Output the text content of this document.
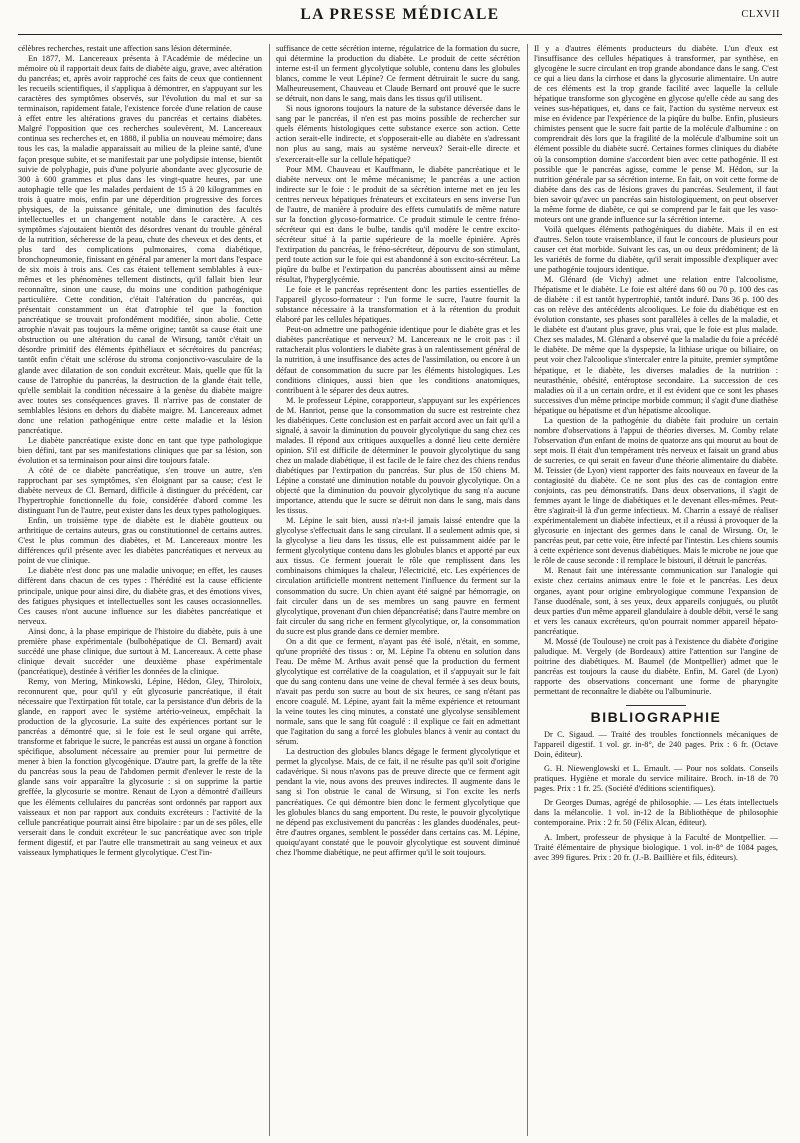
LA PRESSE MÉDICALE	CLXVII

célèbres recherches, restait une affection sans lésion déterminée.

En 1877, M. Lancereaux présenta à l'Académie de médecine un mémoire où il rapportait deux faits de diabète aigu, grave, avec altération du pancréas; et, après avoir rapproché ces faits de ceux que contiennent les recueils scientifiques, il s'appliqua à démontrer, en s'appuyant sur les caractères des symptômes observés, sur l'évolution du mal et sur sa terminaison, rapidement fatale, l'existence forcée d'une relation de cause à effet entre les altérations graves du pancréas et certains diabètes. Malgré l'opposition que ces recherches soulevèrent, M. Lancereaux continua ses recherches et, en 1888, il publia un nouveau mémoire; dans tous les cas, la maladie apparaissait au milieu de la pleine santé, d'une façon presque subite, et se manifestait par une polydipsie intense, bientôt suivie de polyphagie, puis d'une polyurie abondante avec glycosurie de 300 à 600 grammes et plus dans les vingt-quatre heures, par une autophagie telle que les malades perdaient de 15 à 20 kilogrammes en trois à quatre mois, enfin par une déperdition progressive des forces physiques, de la puissance génitale, une diminution des facultés intellectuelles et un changement notable dans le caractère. A ces symptômes s'ajoutaient bientôt des désordres venant du trouble général de la nutrition, sécheresse de la peau, chute des cheveux et des dents, et plus tard des complications pulmonaires, coma diabétique, bronchopneumonie, finissant en général par amener la mort dans l'espace de six mois à trois ans. Ces cas étaient tellement semblables à eux-mêmes et les phénomènes tellement distincts, qu'il fallait bien leur reconnaître, sinon une cause, du moins une condition pathogénique particulière. Cette condition, c'était l'altération du pancréas, qui présentait constamment un état d'atrophie tel que la fonction pancréatique se trouvait profondément modifiée, sinon abolie. Cette atrophie n'avait pas toujours la même origine; tantôt sa cause était une obstruction ou une altération du canal de Wirsung, tantôt c'était un désordre primitif des éléments épithéliaux et sécrétoires du pancréas; tantôt enfin c'était une sclérose du stroma conjonctivo-vasculaire de la glande avec dilatation de son conduit excréteur. Mais, quelle que fût la cause de l'atrophie du pancréas, la destruction de la glande était telle, qu'elle semblait la condition nécessaire à la genèse du diabète maigre avec toutes ses conséquences graves. Il n'arrive pas de constater de semblables lésions en dehors du diabète maigre. M. Lancereaux admet donc une relation pathogénique entre cette maladie et la lésion pancréatique.

Le diabète pancréatique existe donc en tant que type pathologique bien défini, tant par ses manifestations cliniques que par sa lésion, son évolution et sa terminaison pour ainsi dire toujours fatale.

A côté de ce diabète pancréatique, s'en trouve un autre, s'en rapprochant par ses symptômes, s'en éloignant par sa cause; c'est le diabète nerveux de Cl. Bernard, difficile à distinguer du précédent, car l'hypertrophie fonctionnelle du foie, considérée d'abord comme les distinguant l'un de l'autre, peut exister dans les deux types pathologiques.

Enfin, un troisième type de diabète est le diabète goutteux ou arthritique de certains auteurs, gras ou constitutionnel de certains autres. C'est le plus commun des diabètes, et M. Lancereaux montre les différences qu'il présente avec les diabètes pancréatiques et nerveux au point de vue clinique.

Le diabète n'est donc pas une maladie univoque; en effet, les causes diffèrent dans chacun de ces types : l'hérédité est la cause efficiente principale, unique pour ainsi dire, du diabète gras, et des émotions vives, des fatigues physiques et intellectuelles sont les causes occasionnelles. Ces causes n'ont aucune influence sur les diabètes pancréatique et nerveux.

Ainsi donc, à la phase empirique de l'histoire du diabète, puis à une première phase expérimentale (bulbohépatique de Cl. Bernard) avait succédé une phase clinique, due surtout à M. Lancereaux. A cette phase clinique devait succéder une deuxième phase expérimentale (pancréatique), destinée à vérifier les données de la clinique.

Remy, von Mering, Minkowski, Lépine, Hédon, Gley, Thiroloix, reconnurent que, pour qu'il y eût glycosurie pancréatique, il était nécessaire que l'extirpation fût totale, car la persistance d'un débris de la glande, en rapport avec le système artério-veineux, empêchait la production de la glycosurie. La suite des expériences portant sur le pancréas a démontré que, si le foie est le seul organe qui arrête, transforme et fabrique le sucre, le pancréas est aussi un organe à fonction spécifique, absolument nécessaire au premier pour lui permettre de mener à bien la fonction glycogénique. D'autre part, la greffe de la tête du pancréas sous la peau de l'abdomen permit d'enlever le reste de la glande sans voir apparaître la glycosurie : si on supprime la partie greffée, la glycosurie se montre. Renaut de Lyon a démontré d'ailleurs que les éléments cellulaires du pancréas sont ordonnés par rapport aux vaisseaux et non par rapport aux conduits excréteurs : l'activité de la cellule pancréatique pourrait ainsi être bipolaire : par un de ses pôles, elle verserait dans le conduit excréteur le suc pancréatique avec son triple ferment digestif, et par l'autre elle transmettrait au sang veineux et aux vaisseaux lymphatiques le ferment glycolytique. C'est l'in-

suffisance de cette sécrétion interne, régulatrice de la formation du sucre, qui détermine la production du diabète. Le produit de cette sécrétion interne est-il un ferment glycolytique soluble, contenu dans les globules blancs, comme le veut Lépine? Ce ferment détruirait le sucre du sang. Malheureusement, Chauveau et Claude Bernard ont prouvé que le sucre se détruit, non dans le sang, mais dans les tissus qu'il utilisent.

Si nous ignorons toujours la nature de la substance déversée dans le sang par le pancréas, il n'en est pas moins possible de rechercher sur quels éléments histologiques cette substance exerce son action. Cette action serait-elle indirecte, et s'opposerait-elle au diabète en s'adressant non plus au sang, mais au système nerveux? Serait-elle directe et s'exercerait-elle sur la cellule hépatique?

Pour MM. Chauveau et Kauffmann, le diabète pancréatique et le diabète nerveux ont le même mécanisme; le pancréas a une action indirecte sur le foie : le produit de sa sécrétion interne met en jeu les centres nerveux hépatiques frénateurs et excitateurs en sens inverse l'un de l'autre, de manière à produire des effets cumulatifs de même nature sur la fonction glycoso-formatrice. Ce produit stimule le centre fréno-sécréteur qui est dans le bulbe, tandis qu'il modère le centre excito-sécréteur situé à la partie supérieure de la moelle épinière. Après l'extirpation du pancréas, le fréno-sécréteur, dépourvu de son stimulant, perd toute action sur le foie qui est abandonné à son excito-sécréteur. La piqûre du bulbe et l'extirpation du pancréas aboutissent ainsi au même résultat, l'hyperglycémie.

Le foie et le pancréas représentent donc les parties essentielles de l'appareil glycoso-formateur : l'un forme le sucre, l'autre fournit la substance nécessaire à la transformation et à la rétention du produit élaboré par les cellules hépatiques.

Peut-on admettre une pathogénie identique pour le diabète gras et les diabètes pancréatique et nerveux? M. Lancereaux ne le croit pas : il rattacherait plus volontiers le diabète gras à un ralentissement général de la nutrition, à une insuffisance des actes de l'assimilation, ou encore à un défaut de consommation du sucre par les éléments histologiques. Les conditions cliniques, aussi bien que les conditions anatomiques, contribuent à le séparer des deux autres.

M. le professeur Lépine, corapporteur, s'appuyant sur les expériences de M. Hanriot, pense que la consommation du sucre est restreinte chez les diabétiques. Cette conclusion est en parfait accord avec un fait qu'il a signalé, à savoir la diminution du pouvoir glycolytique du sang chez ces malades. Il répond aux critiques auxquelles a donné lieu cette dernière opinion. S'il est difficile de déterminer le pouvoir glycolytique du sang chez un malade diabétique, il est facile de le faire chez des chiens rendus diabétiques par l'extirpation du pancréas. Sur plus de 150 chiens M. Lépine a constaté une diminution notable du pouvoir glycolytique. On a objecté que la diminution du pouvoir glycolytique du sang n'a aucune importance, attendu que le sucre se détruit non dans le sang, mais dans les tissus.

M. Lépine le sait bien, aussi n'a-t-il jamais laissé entendre que la glycolyse s'effectuait dans le sang circulant. Il a seulement admis que, si la glycolyse a lieu dans les tissus, elle est puissamment aidée par le ferment glycolytique contenu dans les globules blancs et apporté par eux aux tissus. Ce ferment jouerait le rôle que remplissent dans les combinaisons chimiques la chaleur, l'électricité, etc. Les expériences de circulation artificielle montrent nettement l'influence du ferment sur la consommation du sucre. Un chien ayant été saigné par hémorragie, on fait circuler dans un de ses membres un sang pauvre en ferment glycolytique, provenant d'un chien dépancréatisé; dans l'autre membre on fait circuler du sang riche en ferment glycolytique, or, la consommation du sucre est plus grande dans ce dernier membre.

On a dit que ce ferment, n'ayant pas été isolé, n'était, en somme, qu'une propriété des tissus : or, M. Lépine l'a obtenu en solution dans l'eau. De même M. Arthus avait pensé que la production du ferment glycolytique est corrélative de la coagulation, et il s'appuyait sur le fait que du sang contenu dans une veine de cheval fermée à ses deux bouts, n'avait pas perdu son sucre au bout de six heures, ce sang n'étant pas encore coagulé. M. Lépine, ayant fait la même expérience et retournant la veine toutes les cinq minutes, a constaté une glycolyse sensiblement normale, sans que le sang fût coagulé : il explique ce fait en admettant que l'agitation du sang a forcé les globules blancs à venir au contact du sérum.

La destruction des globules blancs dégage le ferment glycolytique et permet la glycolyse. Mais, de ce fait, il ne résulte pas qu'il soit d'origine cadavérique. Si nous n'avons pas de preuve directe que ce ferment agit pendant la vie, nous avons des preuves indirectes. Il augmente dans le sang si l'on obstrue le canal de Wirsung, si l'on excite les nerfs pancréatiques. Ce qui démontre bien donc le ferment glycolytique que les globules blancs du sang emportent. Du reste, le pouvoir glycolytique ne dépend pas exclusivement du pancréas : les glandes duodénales, peut-être d'autres organes, semblent le posséder dans certains cas. M. Lépine, quoiqu'ayant constaté que le pouvoir glycolytique est souvent diminué chez l'homme diabétique, ne peut affirmer qu'il le soit toujours.

Il y a d'autres éléments producteurs du diabète. L'un d'eux est l'insuffisance des cellules hépatiques à transformer, par synthèse, en glycogène le sucre circulant en trop grande abondance dans le sang. C'est ce qui a lieu dans la cirrhose et dans la glycosurie alimentaire. Un autre de ces éléments est la trop grande facilité avec laquelle la cellule hépatique transforme son glycogène en glycose qu'elle cède au sang des veines sus-hépatiques, et, dans ce fait, l'action du système nerveux est mise en évidence par l'expérience de la piqûre du bulbe. Enfin, plusieurs chimistes pensent que le sucre fait partie de la molécule d'albumine : on comprendrait dès lors que la fragilité de la molécule d'albumine soit un élément possible du diabète sucré. Certaines formes cliniques du diabète où la consomption domine s'accordent bien avec cette pathogénie. Il est possible que le pancréas agisse, comme le pense M. Hédon, sur la nutrition générale par sa sécrétion interne. En fait, on voit cette forme de diabète dans des cas de lésions graves du pancréas. Seulement, il faut bien savoir qu'avec un pancréas sain histologiquement, on peut observer la même forme de diabète, ce qui se comprend par le fait que les vaso-moteurs ont une grande influence sur la sécrétion interne.

Voilà quelques éléments pathogéniques du diabète. Mais il en est d'autres. Selon toute vraisemblance, il faut le concours de plusieurs pour causer cet état morbide. Suivant les cas, un ou deux prédominent; de là les variétés de forme du diabète, qu'il serait impossible d'expliquer avec une pathogénie toujours identique.

M. Glénard (de Vichy) admet une relation entre l'alcoolisme, l'hépatisme et le diabète. Le foie est altéré dans 60 ou 70 p. 100 des cas de diabète : il est tantôt hypertrophié, tantôt induré. Dans 36 p. 100 des cas on relève des antécédents alcooliques. Le foie du diabétique est en évolution constante, ses phases sont parallèles à celles de la maladie, et le diabète est d'autant plus grave, plus vrai, que le foie est plus malade. Chez ses malades, M. Glénard a observé que la maladie du foie a précédé le diabète. De même que la dyspepsie, la lithiase urique ou biliaire, on peut voir chez l'alcoolique s'intercaler entre la pituite, premier symptôme hépatique, et le diabète, les diverses maladies de la nutrition : neurasthénie, obésité, entéroptose secondaire. La succession de ces maladies où il a un certain ordre, et il est évident que ce sont les phases successives d'un même principe morbide commun; il s'agit d'une diathèse hépatique ou hépatisme et d'un hépatisme alcoolique.

La question de la pathogénie du diabète fait produire un certain nombre d'observations à l'appui de théories diverses. M. Comby relate l'observation d'un enfant de moins de quatorze ans qui mourut au bout de sept mois. Il était d'un tempérament très nerveux et faisait un grand abus de sucreries, ce qui serait en faveur d'une théorie alimentaire du diabète. M. Teissier (de Lyon) vient rapporter des faits nouveaux en faveur de la contagiosité du diabète. Ce ne sont plus des cas de contagion entre conjoints, cas peu démonstratifs. Dans deux observations, il s'agit de femmes ayant le linge de diabétiques et le devenant elles-mêmes. Peut-être s'agirait-il là d'un germe infectieux. M. Charrin a essayé de réaliser expérimentalement un diabète infectieux, et il a réussi à provoquer de la glycosurie en injectant des germes dans le canal de Wirsung. Or, le pancréas peut, par cette voie, être infecté par l'intestin. Les chiens soumis à cette expérience sont devenus diabétiques. Mais le microbe ne joue que le rôle de cause seconde : il remplace le bistouri, il détruit le pancréas.

M. Renaut fait une intéressante communication sur l'analogie qui existe chez certains animaux entre le foie et le pancréas. Les deux organes, ayant pour origine embryologique commune l'expansion de l'anse duodénale, sont, à ses yeux, deux appareils conjugués, ou plutôt deux parties d'un même appareil glandulaire à double débit, versé le sang et vers les canaux excréteurs, qu'on pourrait nommer appareil hépato-pancréatique.

M. Mossé (de Toulouse) ne croit pas à l'existence du diabète d'origine paludique. M. Vergely (de Bordeaux) attire l'attention sur l'angine de poitrine des diabétiques. M. Baumel (de Montpellier) admet que le pancréas est toujours la cause du diabète. Enfin, M. Garel (de Lyon) rapporte des observations concernant une forme de pharyngite permettant de reconnaître le diabète ou l'albuminurie.

BIBLIOGRAPHIE

Dr C. Sigaud. — Traité des troubles fonctionnels mécaniques de l'appareil digestif. 1 vol. gr. in-8°, de 240 pages. Prix : 6 fr. (Octave Doin, éditeur).

G. H. Niewenglowski et L. Ernault. — Pour nos soldats. Conseils pratiques. Hygiène et morale du service militaire. Broch. in-18 de 70 pages. Prix : 1 fr. 25. (Société d'éditions scientifiques).

Dr Georges Dumas, agrégé de philosophie. — Les états intellectuels dans la mélancolie. 1 vol. in-12 de la Bibliothèque de philosophie contemporaine. Prix : 2 fr. 50 (Félix Alcan, éditeur).

A. Imbert, professeur de physique à la Faculté de Montpellier. — Traité élémentaire de physique biologique. 1 vol. in-8° de 1084 pages, avec 399 figures. Prix : 20 fr. (J.-B. Baillière et fils, éditeurs).
